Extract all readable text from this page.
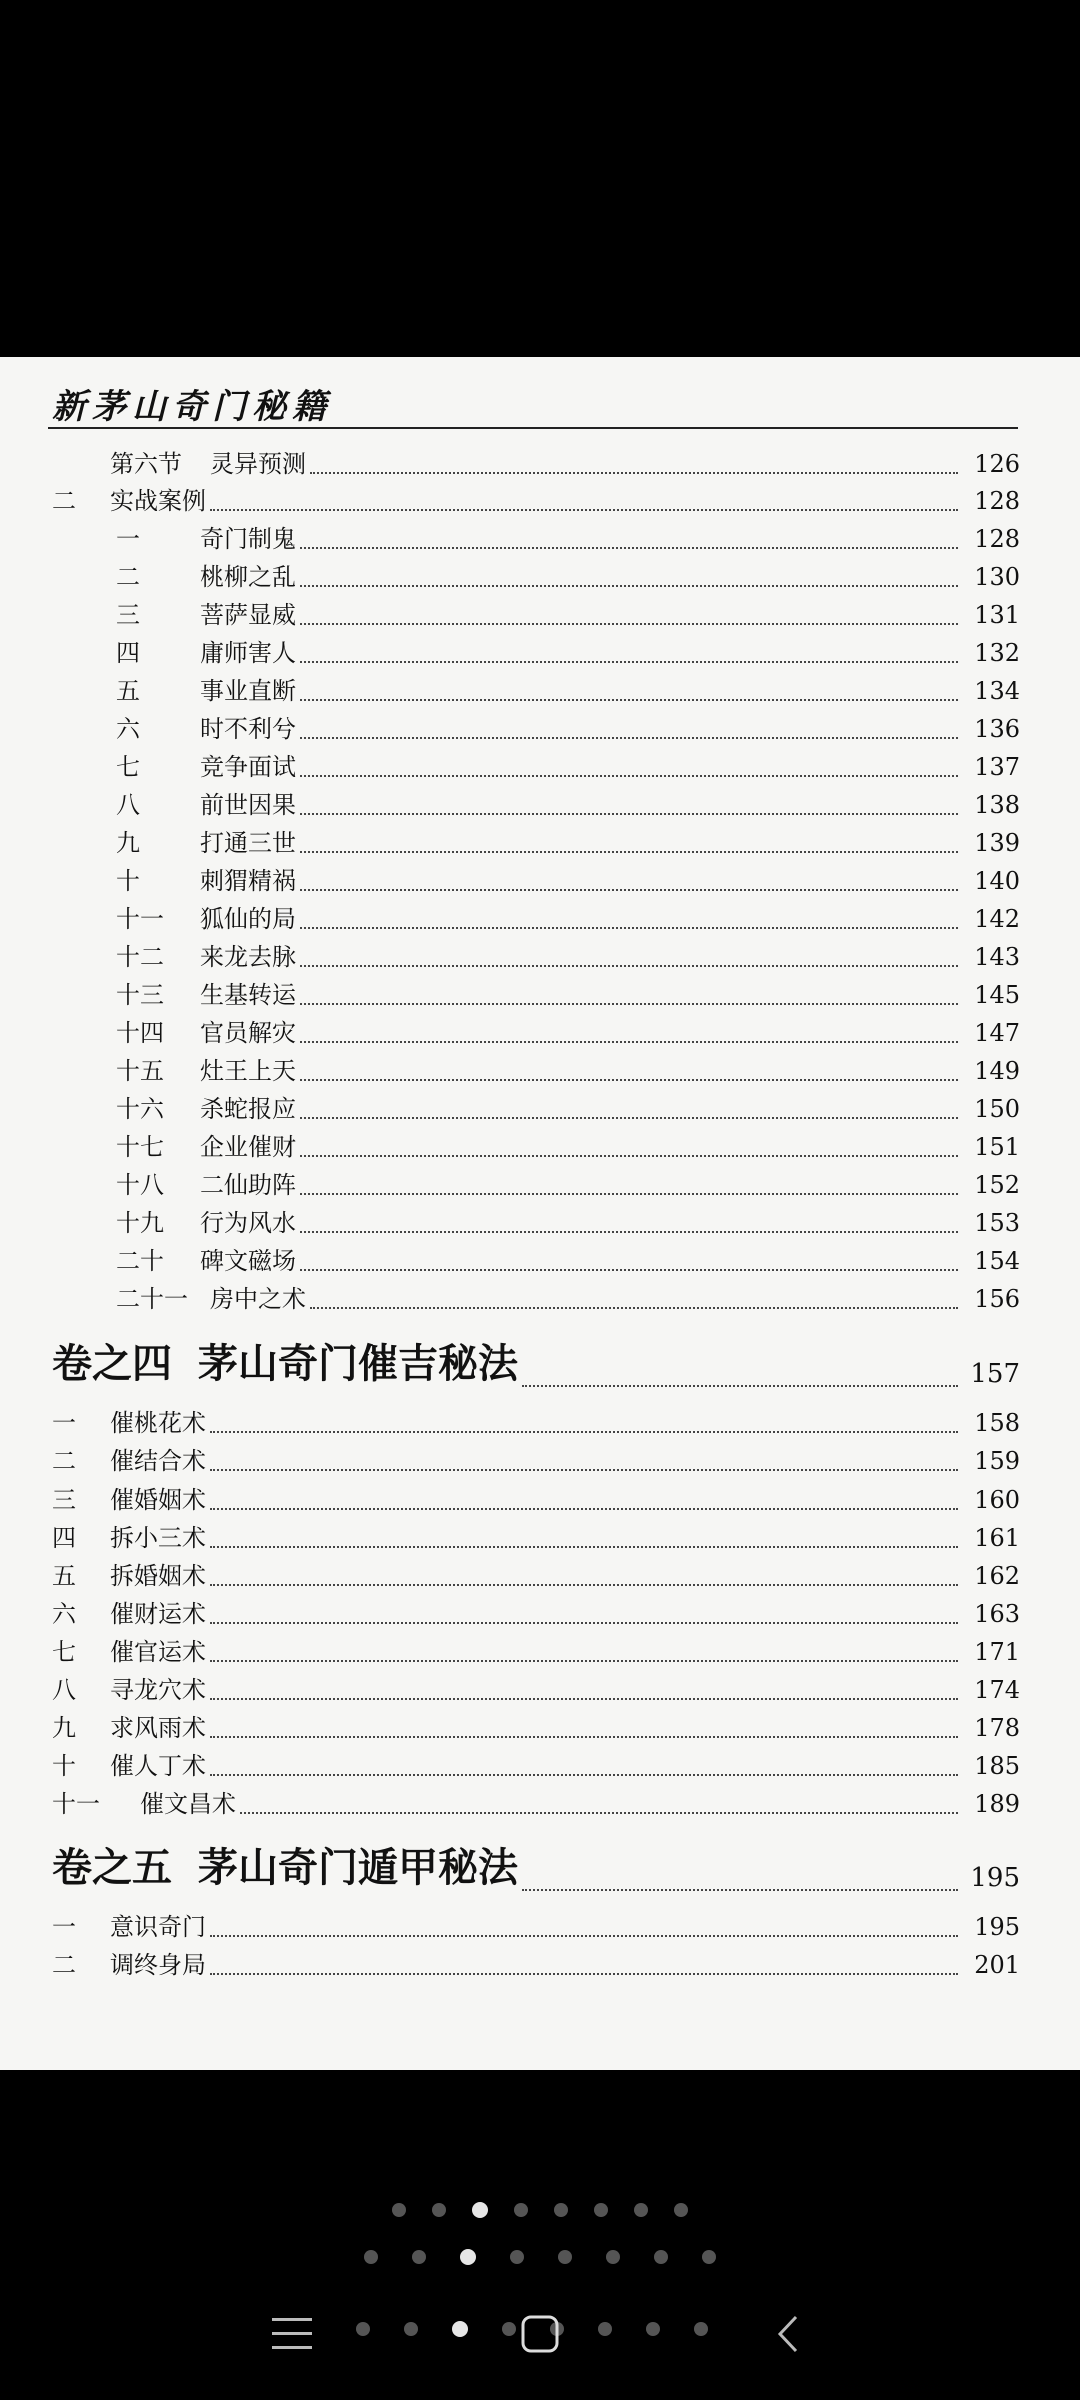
新茅山奇门秘籍
第六节 灵异预测	126
二 实战案例	128
一	奇门制鬼	128
二	桃柳之乱	130
三	菩萨显威	131
四	庸师害人	132
五	事业直断	134
六	时不利兮	136
七	竞争面试	137
八	前世因果	138
九	打通三世	139
十	刺猬精祸	140
十一 狐仙的局	142
十二 来龙去脉	143
十三 生基转运	145
十四 官员解灾	147
十五 灶王上天	149
十六 杀蛇报应	150
十七 企业催财	151
十八 二仙助阵	152
十九 行为风水	153
二十 碑文磁场	154
二十一 房中之术	156
卷之四 茅山奇门催吉秘法	157
一 催桃花术	158
二 催结合术	159
三 催婚姻术	160
四 拆小三术	161
五 拆婚姻术	162
六 催财运术	163
七 催官运术	171
八 寻龙穴术	174
九 求风雨术	178
十 催人丁术	185
十一 催文昌术	189
卷之五 茅山奇门遁甲秘法	195
一 意识奇门	195
二 调终身局	201
